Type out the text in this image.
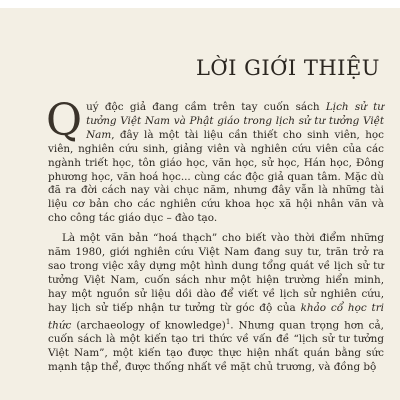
LỜI GIỚI THIỆU

Quý độc giả đang cầm trên tay cuốn sách Lịch sử tư tưởng Việt Nam và Phật giáo trong lịch sử tư tưởng Việt Nam, đây là một tài liệu cần thiết cho sinh viên, học viên, nghiên cứu sinh, giảng viên và nghiên cứu viên của các ngành triết học, tôn giáo học, văn học, sử học, Hán học, Đông phương học, văn hoá học... cùng các độc giả quan tâm. Mặc dù đã ra đời cách nay vài chục năm, nhưng đây vẫn là những tài liệu cơ bản cho các nghiên cứu khoa học xã hội nhân văn và cho công tác giáo dục – đào tạo.

Là một văn bản “hoá thạch” cho biết vào thời điểm những năm 1980, giới nghiên cứu Việt Nam đang suy tư, trăn trở ra sao trong việc xây dựng một hình dung tổng quát về lịch sử tư tưởng Việt Nam, cuốn sách như một hiện trường hiển minh, hay một nguồn sử liệu dồi dào để viết về lịch sử nghiên cứu, hay lịch sử tiếp nhận tư tưởng từ góc độ của khảo cổ học tri thức (archaeology of knowledge)$^1$. Nhưng quan trọng hơn cả, cuốn sách là một kiến tạo tri thức về vấn đề “lịch sử tư tưởng Việt Nam”, một kiến tạo được thực hiện nhất quán bằng sức mạnh tập thể, được thống nhất về mặt chủ trương, và đồng bộ
